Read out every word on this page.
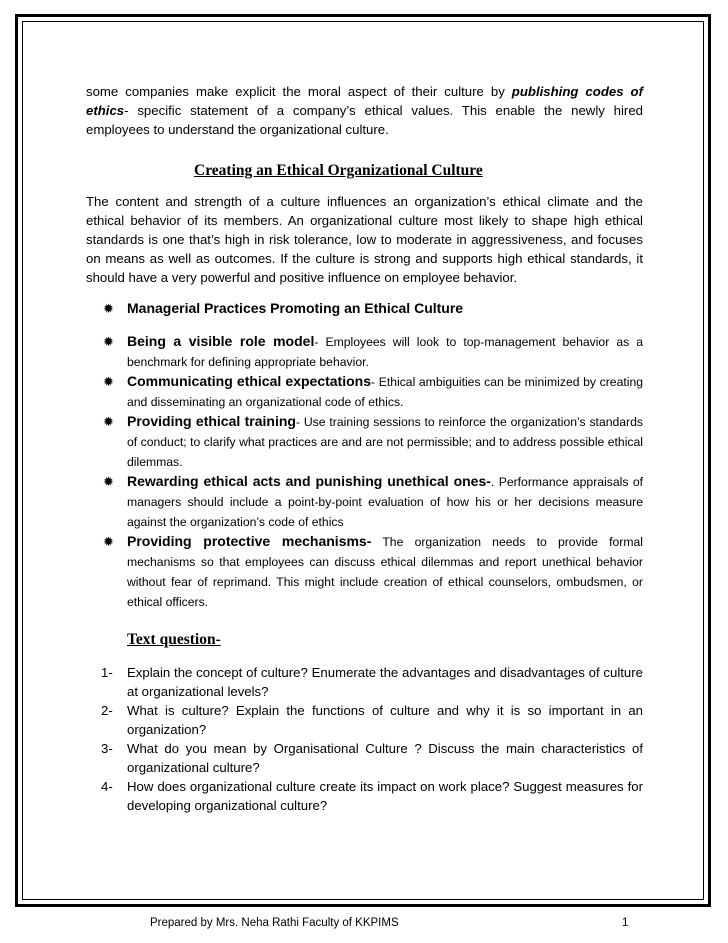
some companies make explicit the moral aspect of their culture by publishing codes of ethics- specific statement of a company’s ethical values. This enable the newly hired employees to understand the organizational culture.

Creating an Ethical Organizational Culture

The content and strength of a culture influences an organization’s ethical climate and the ethical behavior of its members. An organizational culture most likely to shape high ethical standards is one that’s high in risk tolerance, low to moderate in aggressiveness, and focuses on means as well as outcomes. If the culture is strong and supports high ethical standards, it should have a very powerful and positive influence on employee behavior.

✹ Managerial Practices Promoting an Ethical Culture
✹ Being a visible role model- Employees will look to top-management behavior as a benchmark for defining appropriate behavior.
✹ Communicating ethical expectations- Ethical ambiguities can be minimized by creating and disseminating an organizational code of ethics.
✹ Providing ethical training- Use training sessions to reinforce the organization’s standards of conduct; to clarify what practices are and are not permissible; and to address possible ethical dilemmas.
✹ Rewarding ethical acts and punishing unethical ones-. Performance appraisals of managers should include a point-by-point evaluation of how his or her decisions measure against the organization’s code of ethics
✹ Providing protective mechanisms- The organization needs to provide formal mechanisms so that employees can discuss ethical dilemmas and report unethical behavior without fear of reprimand. This might include creation of ethical counselors, ombudsmen, or ethical officers.
Text question-
1- Explain the concept of culture? Enumerate the advantages and disadvantages of culture at organizational levels?
2- What is culture? Explain the functions of culture and why it is so important in an organization?
3- What do you mean by Organisational Culture ? Discuss the main characteristics of organizational culture?
4- How does organizational culture create its impact on work place? Suggest measures for developing organizational culture?
Prepared by Mrs. Neha Rathi Faculty of KKPIMS	1
